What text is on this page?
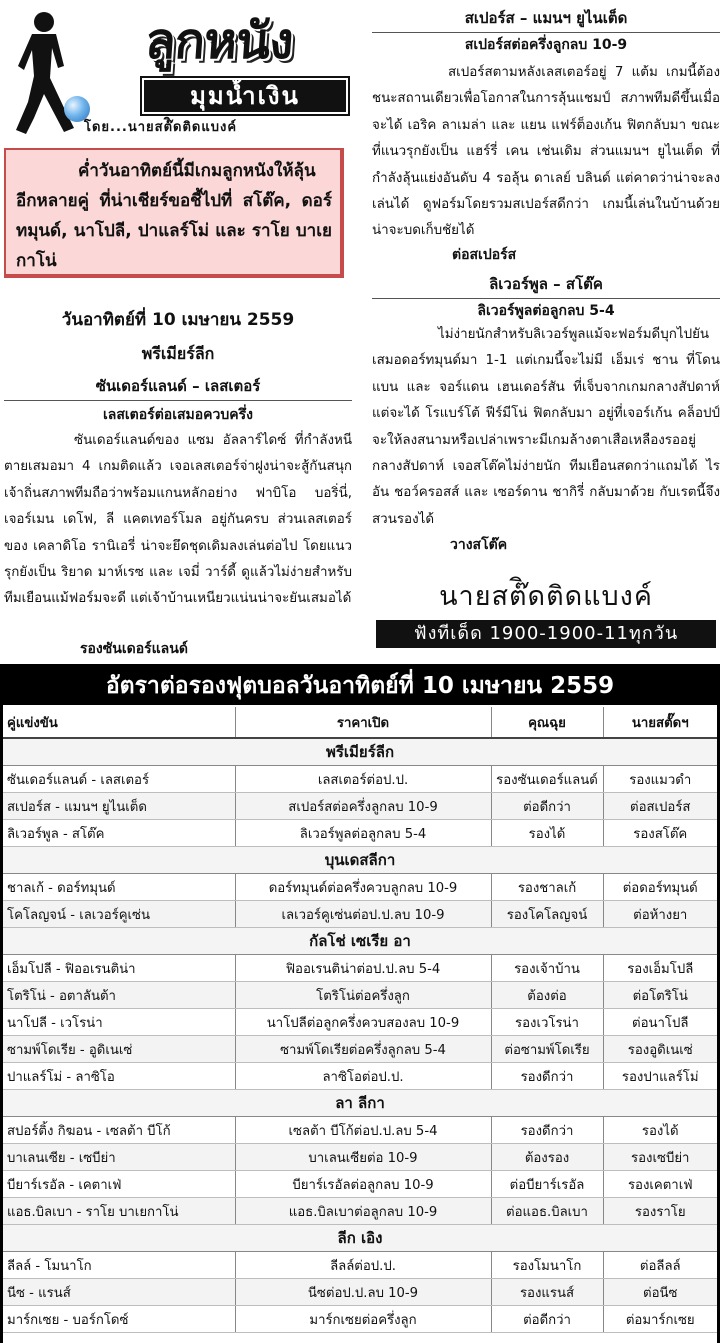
ลูกหนัง
มุมน้ำเงิน
โดย...นายสต๊ิดติดแบงค์

ค่ำวันอาทิตย์นี้มีเกมลูกหนังให้ลุ้นอีกหลายคู่ ที่น่าเชียร์ขอชี้ไปที่ สโต๊ค, ดอร์ทมุนด์, นาโปลี, ปาแลร์โม่ และ ราโย บาเยกาโน่

วันอาทิตย์ที่ 10 เมษายน 2559
พรีเมียร์ลีก
ซันเดอร์แลนด์ – เลสเตอร์
เลสเตอร์ต่อเสมอควบครึ่ง

ซันเดอร์แลนด์ของ แซม อัลลาร์ไดซ์ ที่กำลังหนีตายเสมอมา 4 เกมติดแล้ว เจอเลสเตอร์จ่าฝูงน่าจะสู้กันสนุก เจ้าถิ่นสภาพทีมถือว่าพร้อมแกนหลักอย่าง ฟาบิโอ บอริ่นี่, เจอร์เมน เดโฟ, ลี แคตเทอร์โมล อยู่กันครบ ส่วนเลสเตอร์ของ เคลาดิโอ รานิเอรี่ น่าจะยึดชุดเดิมลงเล่นต่อไป โดยแนวรุกยังเป็น ริยาด มาห์เรซ และ เจมี่ วาร์ดี้ ดูแล้วไม่ง่ายสำหรับทีมเยือนแม้ฟอร์มจะดี แต่เจ้าบ้านเหนียวแน่นน่าจะยันเสมอได้

รองซันเดอร์แลนด์
สเปอร์ส – แมนฯ ยูไนเต็ด
สเปอร์สต่อครึ่งลูกลบ 10-9

สเปอร์สตามหลังเลสเตอร์อยู่ 7 แต้ม เกมนี้ต้องชนะสถานเดียวเพื่อโอกาสในการลุ้นแชมป์ สภาพทีมดีขึ้นเมื่อจะได้ เอริค ลาเมล่า และ แยน แฟร์ต็องเก้น ฟิตกลับมา ขณะที่แนวรุกยังเป็น แฮร์รี่ เคน เช่นเดิม ส่วนแมนฯ ยูไนเต็ด ที่กำลังลุ้นแย่งอันดับ 4 รอลุ้น ดาเลย์ บลินด์ แต่คาดว่าน่าจะลงเล่นได้ ดูฟอร์มโดยรวมสเปอร์สดีกว่า เกมนี้เล่นในบ้านด้วย น่าจะบดเก็บชัยได้

ต่อสเปอร์ส
ลิเวอร์พูล – สโต๊ค
ลิเวอร์พูลต่อลูกลบ 5-4

ไม่ง่ายนักสำหรับลิเวอร์พูลแม้จะฟอร์มดีบุกไปยันเสมอดอร์ทมุนด์มา 1-1 แต่เกมนี้จะไม่มี เอ็มเร่ ชาน ที่โดนแบน และ จอร์แดน เฮนเดอร์สัน ที่เจ็บจากเกมกลางสัปดาห์ แต่จะได้ โรแบร์โต้ ฟีร์มีโน่ ฟิตกลับมา อยู่ที่เจอร์เก้น คล็อปป์ จะให้ลงสนามหรือเปล่าเพราะมีเกมล้างตาเสือเหลืองรออยู่กลางสัปดาห์ เจอสโต๊คไม่ง่ายนัก ทีมเยือนสดกว่าแถมได้ ไรอัน ชอว์ครอสส์ และ เซอร์ดาน ชากิรี่ กลับมาด้วย กับเรตนี้จึงสวนรองได้

วางสโต๊ค
นายสต๊ิดติดแบงค์
ฟังทีเด็ด 1900-1900-11ทุกวัน
อัตราต่อรองฟุตบอลวันอาทิตย์ที่ 10 เมษายน 2559
คู่แข่งขัน	ราคาเปิด	คุณฉุย	นายสตั๊ดฯ
พรีเมียร์ลีก			
ซันเดอร์แลนด์ - เลสเตอร์	เลสเตอร์ต่อป.ป.	รองซันเดอร์แลนด์	รองแมวดำ
สเปอร์ส - แมนฯ ยูไนเต็ด	สเปอร์สต่อครึ่งลูกลบ 10-9	ต่อดีกว่า	ต่อสเปอร์ส
ลิเวอร์พูล - สโต๊ค	ลิเวอร์พูลต่อลูกลบ 5-4	รองได้	รองสโต๊ค
บุนเดสลีกา			
ชาลเก้ - ดอร์ทมุนด์	ดอร์ทมุนด์ต่อครึ่งควบลูกลบ 10-9	รองชาลเก้	ต่อดอร์ทมุนด์
โคโลญจน์ - เลเวอร์คูเซ่น	เลเวอร์คูเซ่นต่อป.ป.ลบ 10-9	รองโคโลญจน์	ต่อห้างยา
กัลโช่ เซเรีย อา			
เอ็มโปลี - ฟิออเรนติน่า	ฟิออเรนติน่าต่อป.ป.ลบ 5-4	รองเจ้าบ้าน	รองเอ็มโปลี
โตริโน่ - อตาลันต้า	โตริโน่ต่อครึ่งลูก	ต้องต่อ	ต่อโตริโน่
นาโปลี - เวโรน่า	นาโปลีต่อลูกครึ่งควบสองลบ 10-9	รองเวโรน่า	ต่อนาโปลี
ซามพ์โดเรีย - อูดิเนเซ่	ซามพ์โดเรียต่อครึ่งลูกลบ 5-4	ต่อซามพ์โดเรีย	รองอูดิเนเซ่
ปาแลร์โม่ - ลาซิโอ	ลาซิโอต่อป.ป.	รองดีกว่า	รองปาแลร์โม่
ลา ลีกา			
สปอร์ติ้ง กิฆอน - เซลต้า บีโก้	เซลต้า บีโก้ต่อป.ป.ลบ 5-4	รองดีกว่า	รองได้
บาเลนเซีย - เซบีย่า	บาเลนเซียต่อ 10-9	ต้องรอง	รองเซบีย่า
บียาร์เรอัล - เคตาเฟ่	บียาร์เรอัลต่อลูกลบ 10-9	ต่อบียาร์เรอัล	รองเคตาเฟ่
แอธ.บิลเบา - ราโย บาเยกาโน่	แอธ.บิลเบาต่อลูกลบ 10-9	ต่อแอธ.บิลเบา	รองราโย
ลีก เอิง			
ลีลล์ - โมนาโก	ลีลล์ต่อป.ป.	รองโมนาโก	ต่อลีลล์
นีซ - แรนส์	นีซต่อป.ป.ลบ 10-9	รองแรนส์	ต่อนีซ
มาร์กเซย - บอร์กโดซ์	มาร์กเซยต่อครึ่งลูก	ต่อดีกว่า	ต่อมาร์กเซย
